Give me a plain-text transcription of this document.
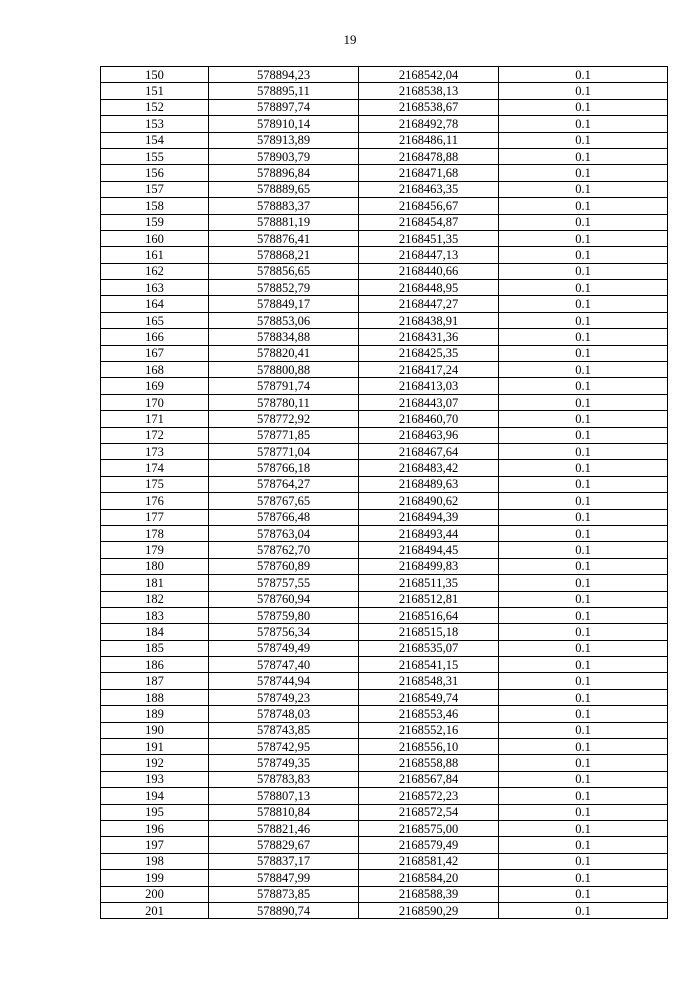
19
150	578894,23	2168542,04	0.1
151	578895,11	2168538,13	0.1
152	578897,74	2168538,67	0.1
153	578910,14	2168492,78	0.1
154	578913,89	2168486,11	0.1
155	578903,79	2168478,88	0.1
156	578896,84	2168471,68	0.1
157	578889,65	2168463,35	0.1
158	578883,37	2168456,67	0.1
159	578881,19	2168454,87	0.1
160	578876,41	2168451,35	0.1
161	578868,21	2168447,13	0.1
162	578856,65	2168440,66	0.1
163	578852,79	2168448,95	0.1
164	578849,17	2168447,27	0.1
165	578853,06	2168438,91	0.1
166	578834,88	2168431,36	0.1
167	578820,41	2168425,35	0.1
168	578800,88	2168417,24	0.1
169	578791,74	2168413,03	0.1
170	578780,11	2168443,07	0.1
171	578772,92	2168460,70	0.1
172	578771,85	2168463,96	0.1
173	578771,04	2168467,64	0.1
174	578766,18	2168483,42	0.1
175	578764,27	2168489,63	0.1
176	578767,65	2168490,62	0.1
177	578766,48	2168494,39	0.1
178	578763,04	2168493,44	0.1
179	578762,70	2168494,45	0.1
180	578760,89	2168499,83	0.1
181	578757,55	2168511,35	0.1
182	578760,94	2168512,81	0.1
183	578759,80	2168516,64	0.1
184	578756,34	2168515,18	0.1
185	578749,49	2168535,07	0.1
186	578747,40	2168541,15	0.1
187	578744,94	2168548,31	0.1
188	578749,23	2168549,74	0.1
189	578748,03	2168553,46	0.1
190	578743,85	2168552,16	0.1
191	578742,95	2168556,10	0.1
192	578749,35	2168558,88	0.1
193	578783,83	2168567,84	0.1
194	578807,13	2168572,23	0.1
195	578810,84	2168572,54	0.1
196	578821,46	2168575,00	0.1
197	578829,67	2168579,49	0.1
198	578837,17	2168581,42	0.1
199	578847,99	2168584,20	0.1
200	578873,85	2168588,39	0.1
201	578890,74	2168590,29	0.1
